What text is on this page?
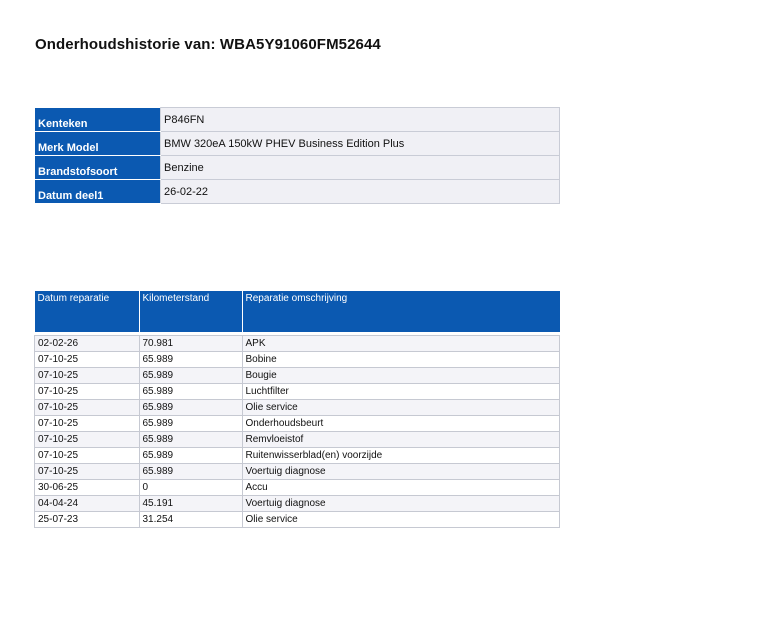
Onderhoudshistorie van: WBA5Y91060FM52644
Kenteken	P846FN
Merk Model	BMW 320eA 150kW PHEV Business Edition Plus
Brandstofsoort	Benzine
Datum deel1	26-02-22
Datum reparatie	Kilometerstand	Reparatie omschrijving

02-02-26	70.981	APK
07-10-25	65.989	Bobine
07-10-25	65.989	Bougie
07-10-25	65.989	Luchtfilter
07-10-25	65.989	Olie service
07-10-25	65.989	Onderhoudsbeurt
07-10-25	65.989	Remvloeistof
07-10-25	65.989	Ruitenwisserblad(en) voorzijde
07-10-25	65.989	Voertuig diagnose
30-06-25	0	Accu
04-04-24	45.191	Voertuig diagnose
25-07-23	31.254	Olie service
